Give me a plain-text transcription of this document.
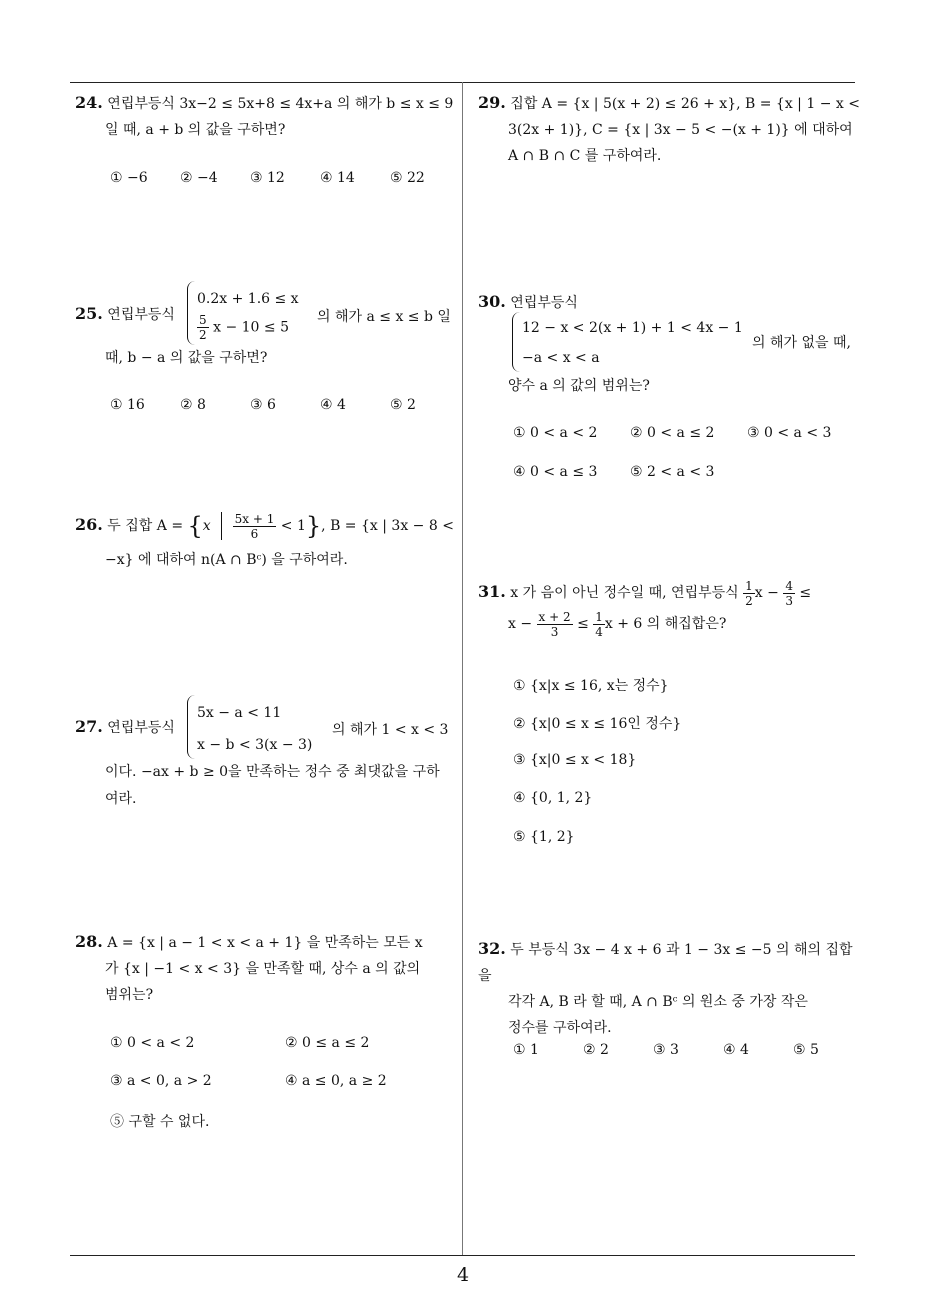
24. 연립부등식 3x−2 ≤ 5x+8 ≤ 4x+a 의 해가 b ≤ x ≤ 9
일 때, a + b 의 값을 구하면?
① −6 ② −4 ③ 12	④ 14	⑤ 22
25. 연립부등식
0.2x + 1.6 ≤ x
$\frac{5}{2}$ x − 10 ≤ 5
의 해가 a ≤ x ≤ b 일
때, b − a 의 값을 구하면?
① 16	② 8	③ 6	④ 4	⑤ 2
26. 두 집합 $A = \{x \frac{5x + 1}{6} < 1\}$, B = {x | 3x − 8 <
−x} 에 대하여 n(A ∩ Bᶜ) 을 구하여라.
27. 연립부등식
5x − a < 11
x − b < 3(x − 3)
의 해가 1 < x < 3
이다. −ax + b ≥ 0을 만족하는 정수 중 최댓값을 구하
여라.
28. A = {x | a − 1 < x < a + 1} 을 만족하는 모든 x
가 {x | −1 < x < 3} 을 만족할 때, 상수 a 의 값의
범위는?
① 0 < a < 2	② 0 ≤ a ≤ 2
③ a < 0, a > 2	④ a ≤ 0, a ≥ 2
⑤ 구할 수 없다.
29. 집합 A = {x | 5(x + 2) ≤ 26 + x}, B = {x | 1 − x <
3(2x + 1)}, C = {x | 3x − 5 < −(x + 1)} 에 대하여
A ∩ B ∩ C 를 구하여라.
30. 연립부등식
12 − x < 2(x + 1) + 1 < 4x − 1
−a < x < a
의 해가 없을 때,
양수 a 의 값의 범위는?
① 0 < a < 2 ② 0 < a ≤ 2 ③ 0 < a < 3
④ 0 < a ≤ 3 ⑤ 2 < a < 3
31. x 가 음이 아닌 정수일 때, 연립부등식 $\frac{1}{2}$ $x - \frac{4}{3}$ ≤
$x - \frac{x + 2}{3} \le \frac{1}{4}$ x + 6 의 해집합은?
① {x|x ≤ 16, x는 정수}
② {x|0 ≤ x ≤ 16인 정수}
③ {x|0 ≤ x < 18}
④ {0, 1, 2}
⑤ {1, 2}
32. 두 부등식 3x − 4 x + 6 과 1 − 3x ≤ −5 의 해의 집합을
각각 A, B 라 할 때, A ∩ Bᶜ 의 원소 중 가장 작은
정수를 구하여라.
① 1	② 2	③ 3	④ 4	⑤ 5
4
